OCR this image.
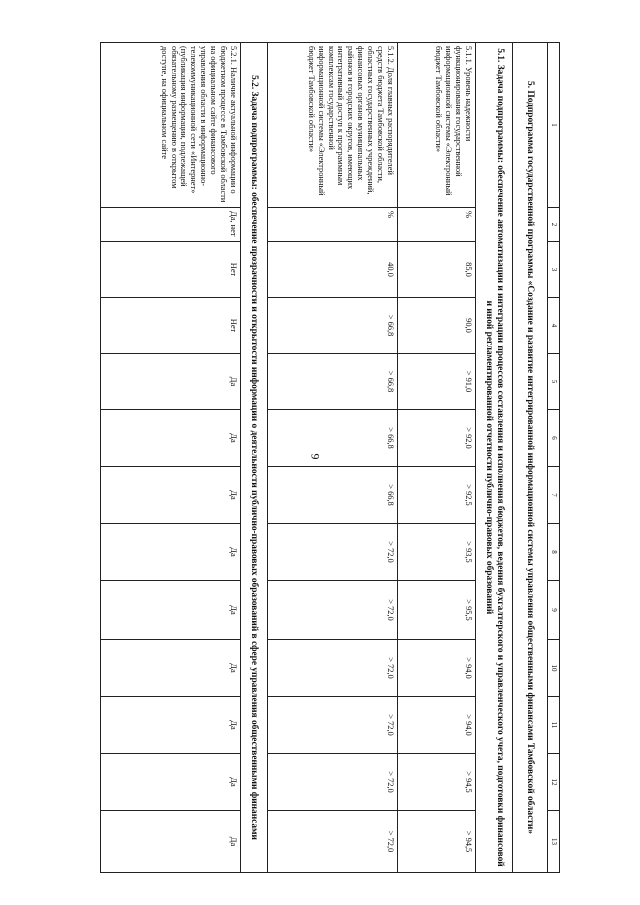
9
1	2	3	4	5	6	7	8	9	10	11	12	13
5. Подпрограмма государственной программы «Создание и развитие интегрированной информационной системы управления общественными финансами Тамбовской области»												
5.1. Задача подпрограммы: обеспечение автоматизации и интеграции процессов составления и исполнения бюджетов, ведения бухгалтерского и управленческого учета, подготовки финансовой и иной регламентированной отчетности публично-правовых образований												
5.1.1. Уровень надежности функционирования государственной информационной системы «Электронный бюджет Тамбовской области»	%	85,0	90,0	> 91,0	> 92,0	> 92,5	> 93,5	> 95,5	> 94,0	> 94,0	> 94,5	> 94,5
5.1.2. Доля главных распорядителей средств бюджета Тамбовской области, областных государственных учреждений, финансовых органов муниципальных районов и городских округов, имеющих интегративный доступ к программным комплексам государственной информационной системы «Электронный бюджет Тамбовской области»	%	40,0	> 66,8	> 66,8	> 66,8	> 66,8	> 72,0	> 72,0	> 72,0	> 72,0	> 72,0	> 72,0
5.2. Задача подпрограммы: обеспечение прозрачности и открытости информации о деятельности публично-правовых образований в сфере управления общественными финансами												
5.2.1. Наличие актуальной информации о бюджетном процессе в Тамбовской области на официальном сайте финансового управления области в информационно-телекоммуникационной сети «Интернет» (публикация информации, подлежащей обязательному размещению в открытом доступе, на официальном сайте	Да, нет	Нет	Нет	Да	Да	Да	Да	Да	Да	Да	Да	Да
